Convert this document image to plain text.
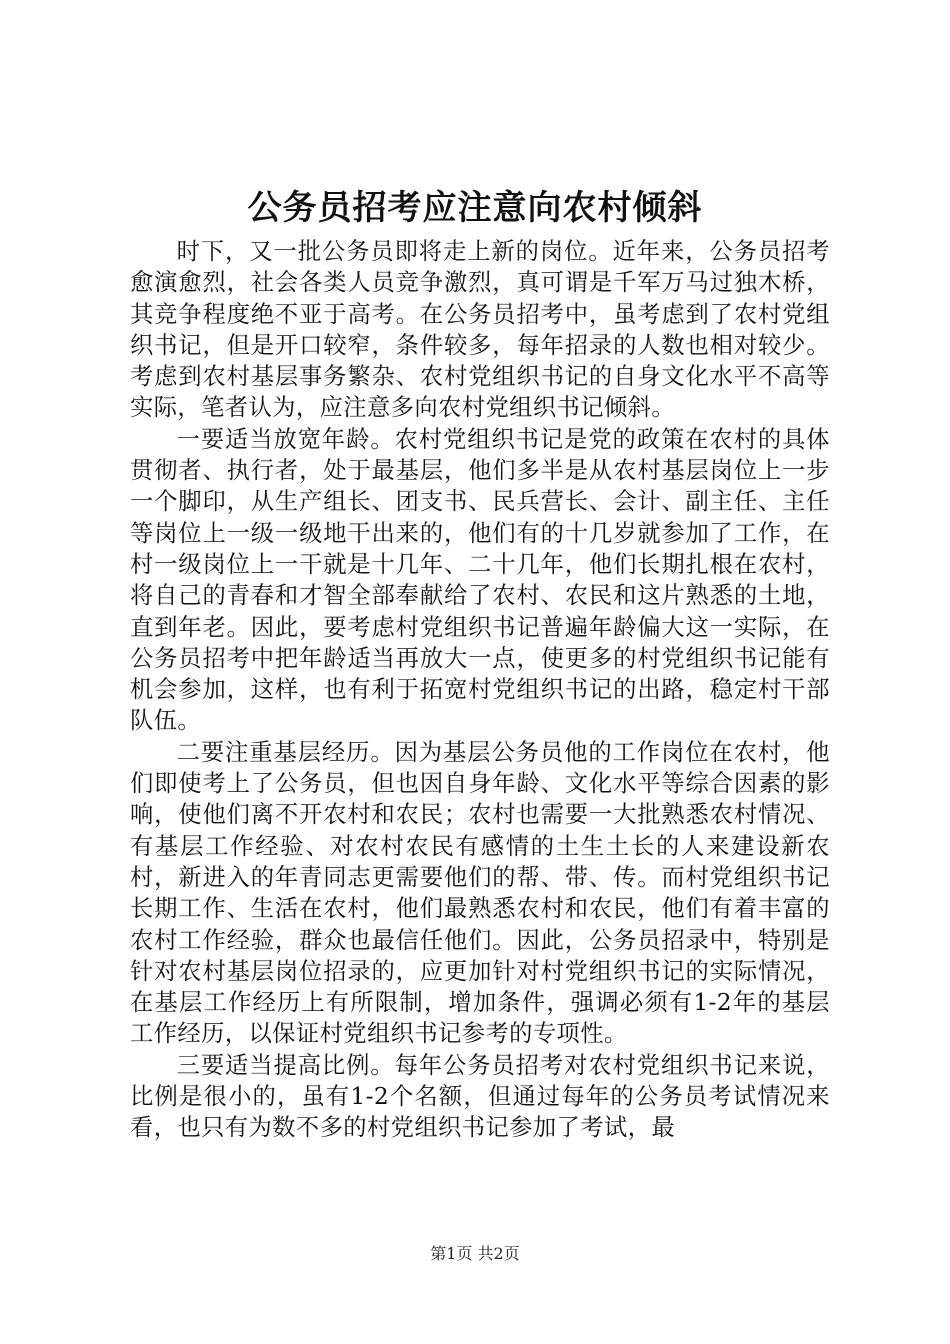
公务员招考应注意向农村倾斜

时下，又一批公务员即将走上新的岗位。近年来，公务员招考愈演愈烈，社会各类人员竞争激烈，真可谓是千军万马过独木桥，其竞争程度绝不亚于高考。在公务员招考中，虽考虑到了农村党组织书记，但是开口较窄，条件较多，每年招录的人数也相对较少。考虑到农村基层事务繁杂、农村党组织书记的自身文化水平不高等实际，笔者认为，应注意多向农村党组织书记倾斜。

一要适当放宽年龄。农村党组织书记是党的政策在农村的具体贯彻者、执行者，处于最基层，他们多半是从农村基层岗位上一步一个脚印，从生产组长、团支书、民兵营长、会计、副主任、主任等岗位上一级一级地干出来的，他们有的十几岁就参加了工作，在村一级岗位上一干就是十几年、二十几年，他们长期扎根在农村，将自己的青春和才智全部奉献给了农村、农民和这片熟悉的土地，直到年老。因此，要考虑村党组织书记普遍年龄偏大这一实际，在公务员招考中把年龄适当再放大一点，使更多的村党组织书记能有机会参加，这样，也有利于拓宽村党组织书记的出路，稳定村干部队伍。

二要注重基层经历。因为基层公务员他的工作岗位在农村，他们即使考上了公务员，但也因自身年龄、文化水平等综合因素的影响，使他们离不开农村和农民；农村也需要一大批熟悉农村情况、有基层工作经验、对农村农民有感情的土生土长的人来建设新农村，新进入的年青同志更需要他们的帮、带、传。而村党组织书记长期工作、生活在农村，他们最熟悉农村和农民，他们有着丰富的农村工作经验，群众也最信任他们。因此，公务员招录中，特别是针对农村基层岗位招录的，应更加针对村党组织书记的实际情况，在基层工作经历上有所限制，增加条件，强调必须有1-2年的基层工作经历，以保证村党组织书记参考的专项性。

三要适当提高比例。每年公务员招考对农村党组织书记来说，比例是很小的，虽有1-2个名额，但通过每年的公务员考试情况来看，也只有为数不多的村党组织书记参加了考试，最

第1页 共2页
